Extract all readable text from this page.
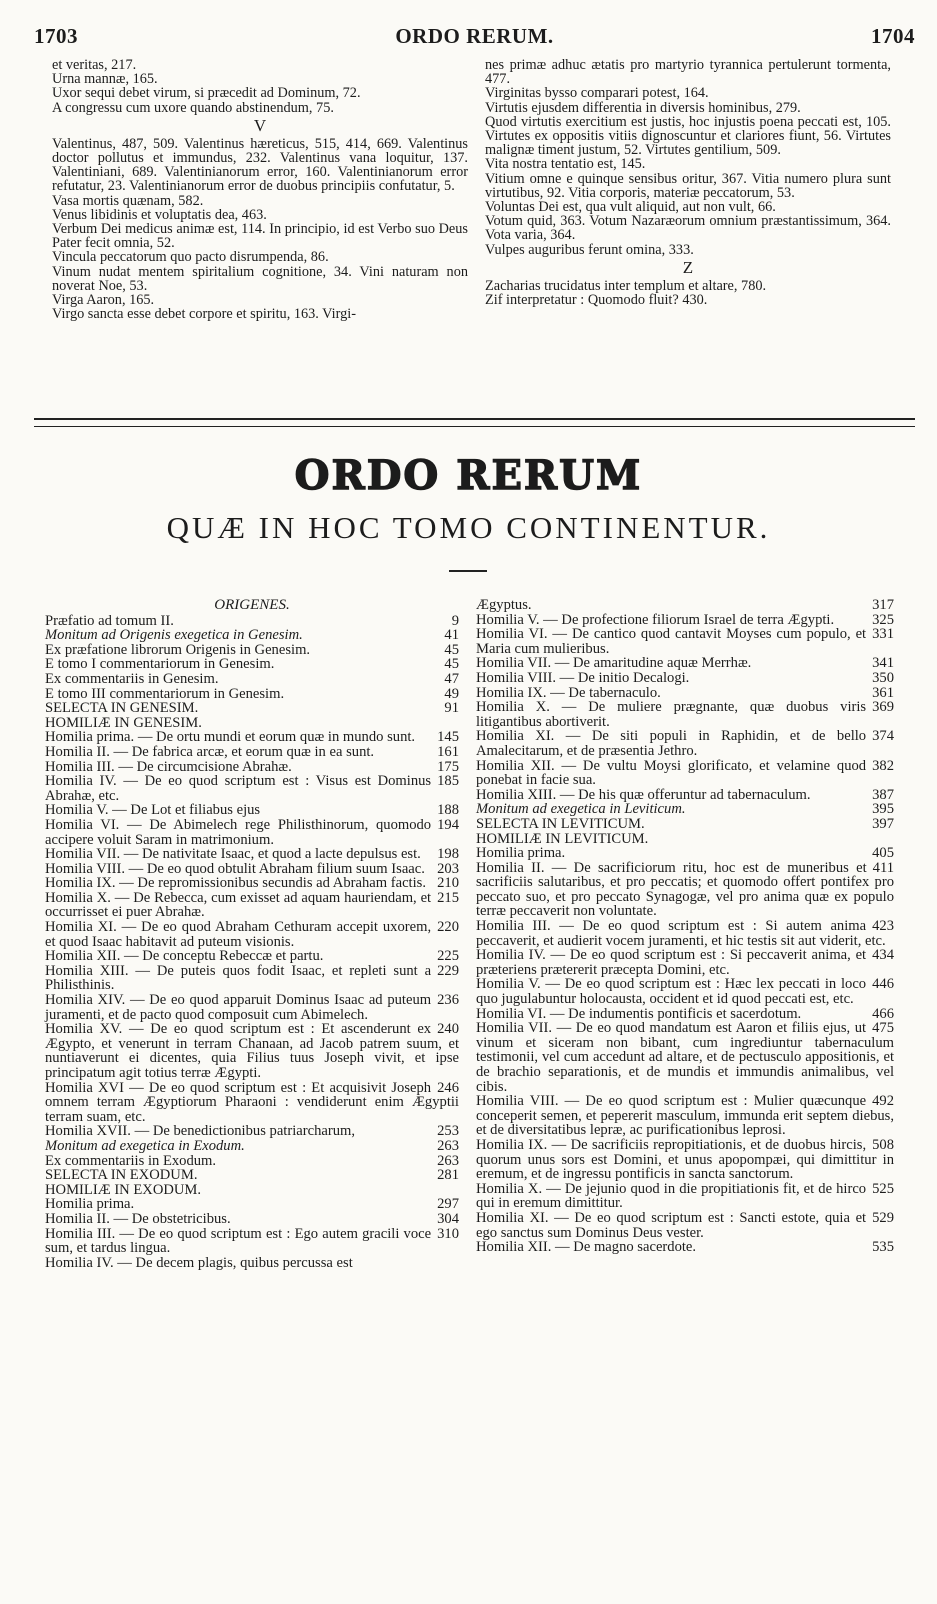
1703	ORDO RERUM.	1704

et veritas, 217.

Urna mannæ, 165.

Uxor sequi debet virum, si præcedit ad Dominum, 72.

A congressu cum uxore quando abstinendum, 75.

V

Valentinus, 487, 509. Valentinus hæreticus, 515, 414, 669. Valentinus doctor pollutus et immundus, 232. Valentinus vana loquitur, 137. Valentiniani, 689. Valentinianorum error, 160. Valentinianorum error refutatur, 23. Valentinianorum error de duobus principiis confutatur, 5.

Vasa mortis quænam, 582.

Venus libidinis et voluptatis dea, 463.

Verbum Dei medicus animæ est, 114. In principio, id est Verbo suo Deus Pater fecit omnia, 52.

Vincula peccatorum quo pacto disrumpenda, 86.

Vinum nudat mentem spiritalium cognitione, 34. Vini naturam non noverat Noe, 53.

Virga Aaron, 165.

Virgo sancta esse debet corpore et spiritu, 163. Virgi-

nes primæ adhuc ætatis pro martyrio tyrannica pertulerunt tormenta, 477.

Virginitas bysso comparari potest, 164.

Virtutis ejusdem differentia in diversis hominibus, 279.

Quod virtutis exercitium est justis, hoc injustis poena peccati est, 105. Virtutes ex oppositis vitiis dignoscuntur et clariores fiunt, 56. Virtutes malignæ timent justum, 52. Virtutes gentilium, 509.

Vita nostra tentatio est, 145.

Vitium omne e quinque sensibus oritur, 367. Vitia numero plura sunt virtutibus, 92. Vitia corporis, materiæ peccatorum, 53.

Voluntas Dei est, qua vult aliquid, aut non vult, 66.

Votum quid, 363. Votum Nazaræorum omnium præstantissimum, 364. Vota varia, 364.

Vulpes auguribus ferunt omina, 333.

Z

Zacharias trucidatus inter templum et altare, 780.

Zif interpretatur : Quomodo fluit? 430.

ORDO RERUM
QUÆ IN HOC TOMO CONTINENTUR.
ORIGENES.
9
Præfatio ad tomum II.
41
Monitum ad Origenis exegetica in Genesim.
45
Ex præfatione librorum Origenis in Genesim.
45
E tomo I commentariorum in Genesim.
47
Ex commentariis in Genesim.
49
E tomo III commentariorum in Genesim.
91
SELECTA IN GENESIM.
HOMILIÆ IN GENESIM.
145
Homilia prima. — De ortu mundi et eorum quæ in mundo sunt.
161
Homilia II. — De fabrica arcæ, et eorum quæ in ea sunt.
175
Homilia III. — De circumcisione Abrahæ.
185
Homilia IV. — De eo quod scriptum est : Visus est Dominus Abrahæ, etc.
188
Homilia V. — De Lot et filiabus ejus
194
Homilia VI. — De Abimelech rege Philisthinorum, quomodo accipere voluit Saram in matrimonium.
198
Homilia VII. — De nativitate Isaac, et quod a lacte depulsus est.
203
Homilia VIII. — De eo quod obtulit Abraham filium suum Isaac.
210
Homilia IX. — De repromissionibus secundis ad Abraham factis.
215
Homilia X. — De Rebecca, cum exisset ad aquam hauriendam, et occurrisset ei puer Abrahæ.
220
Homilia XI. — De eo quod Abraham Cethuram accepit uxorem, et quod Isaac habitavit ad puteum visionis.
225
Homilia XII. — De conceptu Rebeccæ et partu.
229
Homilia XIII. — De puteis quos fodit Isaac, et repleti sunt a Philisthinis.
236
Homilia XIV. — De eo quod apparuit Dominus Isaac ad puteum juramenti, et de pacto quod composuit cum Abimelech.
240
Homilia XV. — De eo quod scriptum est : Et ascenderunt ex Ægypto, et venerunt in terram Chanaan, ad Jacob patrem suum, et nuntiaverunt ei dicentes, quia Filius tuus Joseph vivit, et ipse principatum agit totius terræ Ægypti.
246
Homilia XVI — De eo quod scriptum est : Et acquisivit Joseph omnem terram Ægyptiorum Pharaoni : vendiderunt enim Ægyptii terram suam, etc.
253
Homilia XVII. — De benedictionibus patriarcharum,
263
Monitum ad exegetica in Exodum.
263
Ex commentariis in Exodum.
281
SELECTA IN EXODUM.
HOMILIÆ IN EXODUM.
297
Homilia prima.
304
Homilia II. — De obstetricibus.
310
Homilia III. — De eo quod scriptum est : Ego autem gracili voce sum, et tardus lingua.
Homilia IV. — De decem plagis, quibus percussa est
317
Ægyptus.
325
Homilia V. — De profectione filiorum Israel de terra Ægypti.
331
Homilia VI. — De cantico quod cantavit Moyses cum populo, et Maria cum mulieribus.
341
Homilia VII. — De amaritudine aquæ Merrhæ.
350
Homilia VIII. — De initio Decalogi.
361
Homilia IX. — De tabernaculo.
369
Homilia X. — De muliere prægnante, quæ duobus viris litigantibus abortiverit.
374
Homilia XI. — De siti populi in Raphidin, et de bello Amalecitarum, et de præsentia Jethro.
382
Homilia XII. — De vultu Moysi glorificato, et velamine quod ponebat in facie sua.
387
Homilia XIII. — De his quæ offeruntur ad tabernaculum.
395
Monitum ad exegetica in Leviticum.
397
SELECTA IN LEVITICUM.
HOMILIÆ IN LEVITICUM.
405
Homilia prima.
411
Homilia II. — De sacrificiorum ritu, hoc est de muneribus et sacrificiis salutaribus, et pro peccatis; et quomodo offert pontifex pro peccato suo, et pro peccato Synagogæ, vel pro anima quæ ex populo terræ peccaverit non voluntate.
423
Homilia III. — De eo quod scriptum est : Si autem anima peccaverit, et audierit vocem juramenti, et hic testis sit aut viderit, etc.
434
Homilia IV. — De eo quod scriptum est : Si peccaverit anima, et præteriens prætererit præcepta Domini, etc.
446
Homilia V. — De eo quod scriptum est : Hæc lex peccati in loco quo jugulabuntur holocausta, occident et id quod peccati est, etc.
466
Homilia VI. — De indumentis pontificis et sacerdotum.
475
Homilia VII. — De eo quod mandatum est Aaron et filiis ejus, ut vinum et siceram non bibant, cum ingrediuntur tabernaculum testimonii, vel cum accedunt ad altare, et de pectusculo appositionis, et de brachio separationis, et de mundis et immundis animalibus, vel cibis.
492
Homilia VIII. — De eo quod scriptum est : Mulier quæcunque conceperit semen, et pepererit masculum, immunda erit septem diebus, et de diversitatibus lepræ, ac purificationibus leprosi.
508
Homilia IX. — De sacrificiis repropitiationis, et de duobus hircis, quorum unus sors est Domini, et unus apopompæi, qui dimittitur in eremum, et de ingressu pontificis in sancta sanctorum.
525
Homilia X. — De jejunio quod in die propitiationis fit, et de hirco qui in eremum dimittitur.
529
Homilia XI. — De eo quod scriptum est : Sancti estote, quia et ego sanctus sum Dominus Deus vester.
535
Homilia XII. — De magno sacerdote.
